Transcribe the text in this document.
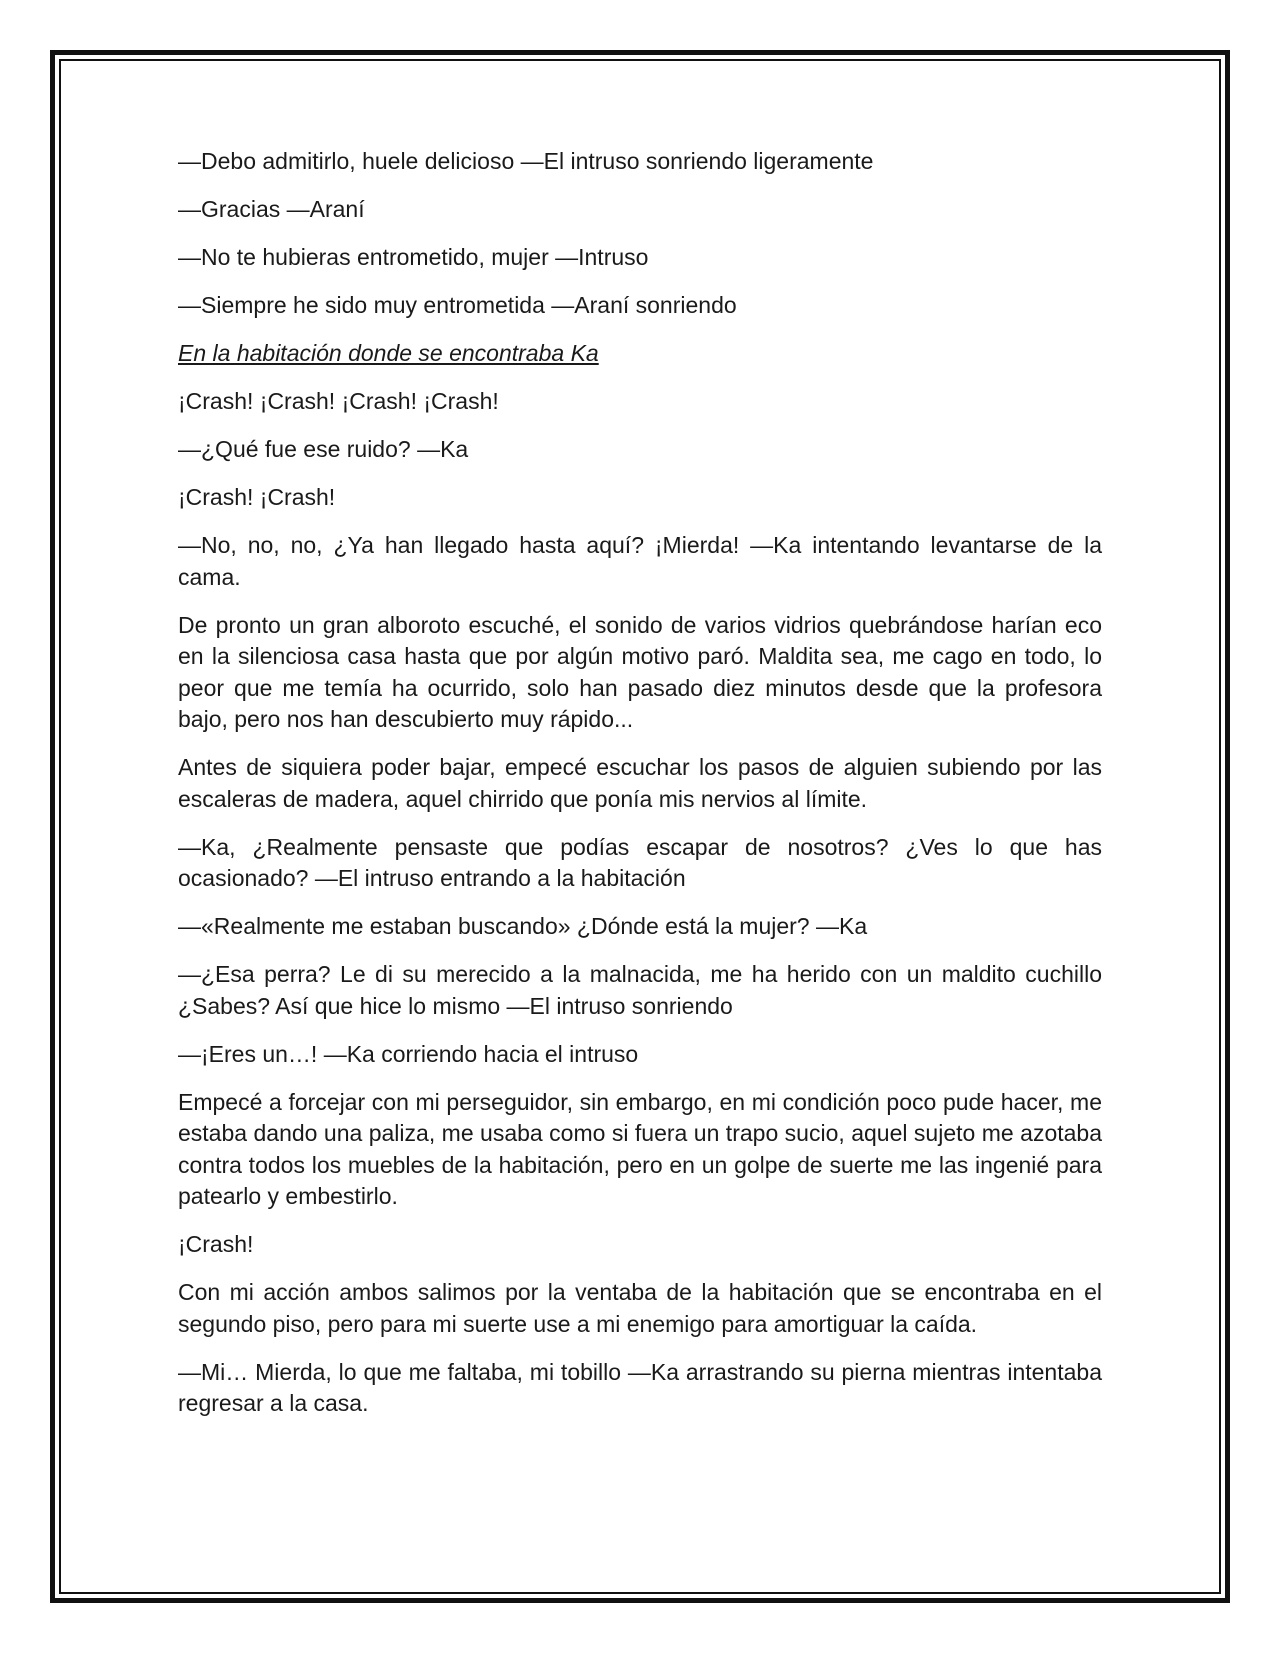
—Debo admitirlo, huele delicioso —El intruso sonriendo ligeramente

—Gracias —Araní

—No te hubieras entrometido, mujer —Intruso

—Siempre he sido muy entrometida —Araní sonriendo

En la habitación donde se encontraba Ka

¡Crash! ¡Crash! ¡Crash! ¡Crash!

—¿Qué fue ese ruido? —Ka

¡Crash! ¡Crash!

—No, no, no, ¿Ya han llegado hasta aquí? ¡Mierda! —Ka intentando levantarse de la cama.

De pronto un gran alboroto escuché, el sonido de varios vidrios quebrándose harían eco en la silenciosa casa hasta que por algún motivo paró. Maldita sea, me cago en todo, lo peor que me temía ha ocurrido, solo han pasado diez minutos desde que la profesora bajo, pero nos han descubierto muy rápido...

Antes de siquiera poder bajar, empecé escuchar los pasos de alguien subiendo por las escaleras de madera, aquel chirrido que ponía mis nervios al límite.

—Ka, ¿Realmente pensaste que podías escapar de nosotros? ¿Ves lo que has ocasionado? —El intruso entrando a la habitación

—«Realmente me estaban buscando» ¿Dónde está la mujer? —Ka

—¿Esa perra? Le di su merecido a la malnacida, me ha herido con un maldito cuchillo ¿Sabes? Así que hice lo mismo —El intruso sonriendo

—¡Eres un…! —Ka corriendo hacia el intruso

Empecé a forcejar con mi perseguidor, sin embargo, en mi condición poco pude hacer, me estaba dando una paliza, me usaba como si fuera un trapo sucio, aquel sujeto me azotaba contra todos los muebles de la habitación, pero en un golpe de suerte me las ingenié para patearlo y embestirlo.

¡Crash!

Con mi acción ambos salimos por la ventaba de la habitación que se encontraba en el segundo piso, pero para mi suerte use a mi enemigo para amortiguar la caída.

—Mi… Mierda, lo que me faltaba, mi tobillo —Ka arrastrando su pierna mientras intentaba regresar a la casa.
